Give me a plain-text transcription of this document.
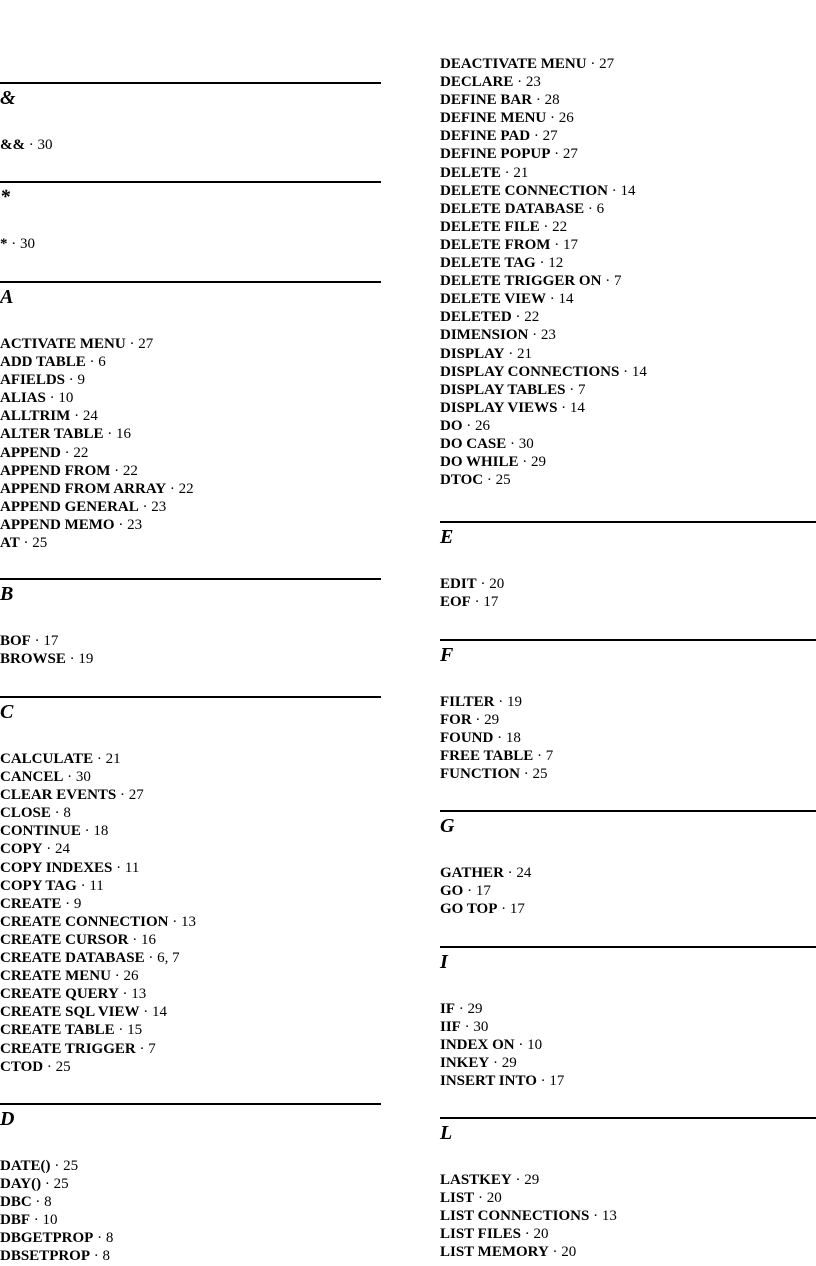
&
&& · 30
*
* · 30
A
ACTIVATE MENU · 27
ADD TABLE · 6
AFIELDS · 9
ALIAS · 10
ALLTRIM · 24
ALTER TABLE · 16
APPEND · 22
APPEND FROM · 22
APPEND FROM ARRAY · 22
APPEND GENERAL · 23
APPEND MEMO · 23
AT · 25
B
BOF · 17
BROWSE · 19
C
CALCULATE · 21
CANCEL · 30
CLEAR EVENTS · 27
CLOSE · 8
CONTINUE · 18
COPY · 24
COPY INDEXES · 11
COPY TAG · 11
CREATE · 9
CREATE CONNECTION · 13
CREATE CURSOR · 16
CREATE DATABASE · 6, 7
CREATE MENU · 26
CREATE QUERY · 13
CREATE SQL VIEW · 14
CREATE TABLE · 15
CREATE TRIGGER · 7
CTOD · 25
D
DATE() · 25
DAY() · 25
DBC · 8
DBF · 10
DBGETPROP · 8
DBSETPROP · 8
DEACTIVATE MENU · 27
DECLARE · 23
DEFINE BAR · 28
DEFINE MENU · 26
DEFINE PAD · 27
DEFINE POPUP · 27
DELETE · 21
DELETE CONNECTION · 14
DELETE DATABASE · 6
DELETE FILE · 22
DELETE FROM · 17
DELETE TAG · 12
DELETE TRIGGER ON · 7
DELETE VIEW · 14
DELETED · 22
DIMENSION · 23
DISPLAY · 21
DISPLAY CONNECTIONS · 14
DISPLAY TABLES · 7
DISPLAY VIEWS · 14
DO · 26
DO CASE · 30
DO WHILE · 29
DTOC · 25
E
EDIT · 20
EOF · 17
F
FILTER · 19
FOR · 29
FOUND · 18
FREE TABLE · 7
FUNCTION · 25
G
GATHER · 24
GO · 17
GO TOP · 17
I
IF · 29
IIF · 30
INDEX ON · 10
INKEY · 29
INSERT INTO · 17
L
LASTKEY · 29
LIST · 20
LIST CONNECTIONS · 13
LIST FILES · 20
LIST MEMORY · 20
